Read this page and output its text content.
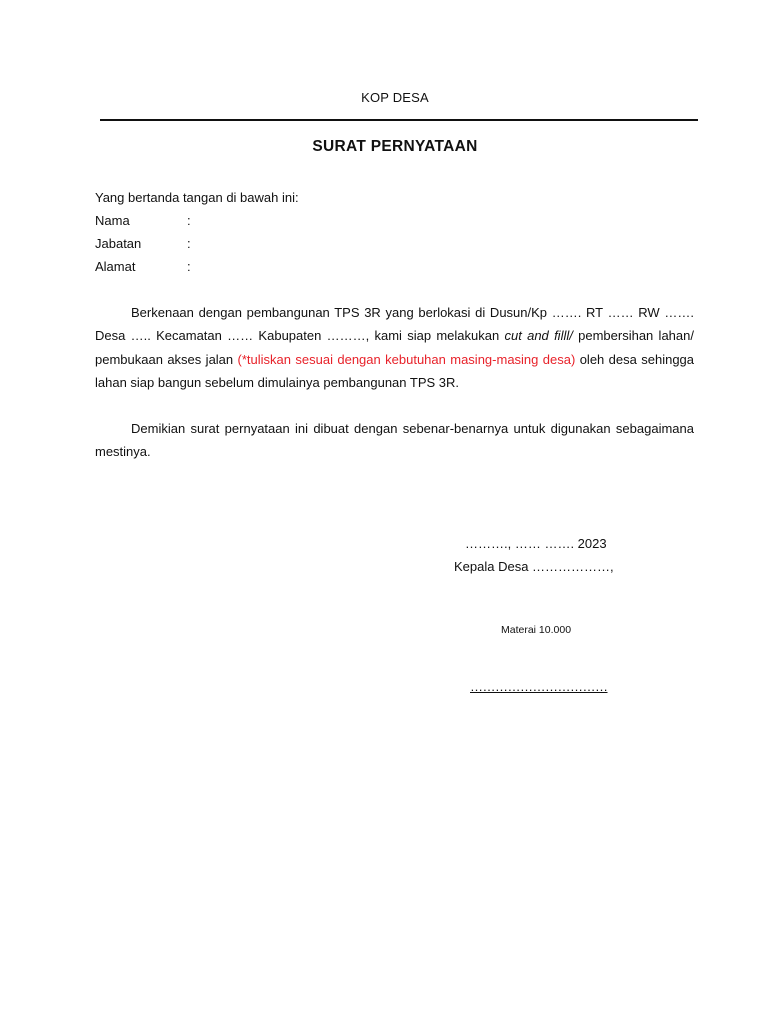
KOP DESA
SURAT PERNYATAAN
Yang bertanda tangan di bawah ini:
Nama	:
Jabatan	:
Alamat	:

Berkenaan dengan pembangunan TPS 3R yang berlokasi di Dusun/Kp ……. RT …… RW ……. Desa ….. Kecamatan …… Kabupaten ………, kami siap melakukan cut and filll/ pembersihan lahan/ pembukaan akses jalan (*tuliskan sesuai dengan kebutuhan masing-masing desa) oleh desa sehingga lahan siap bangun sebelum dimulainya pembangunan TPS 3R.

Demikian surat pernyataan ini dibuat dengan sebenar-benarnya untuk digunakan sebagaimana mestinya.

………., …… ……. 2023
Kepala Desa ………………,
Materai 10.000
……………………………
